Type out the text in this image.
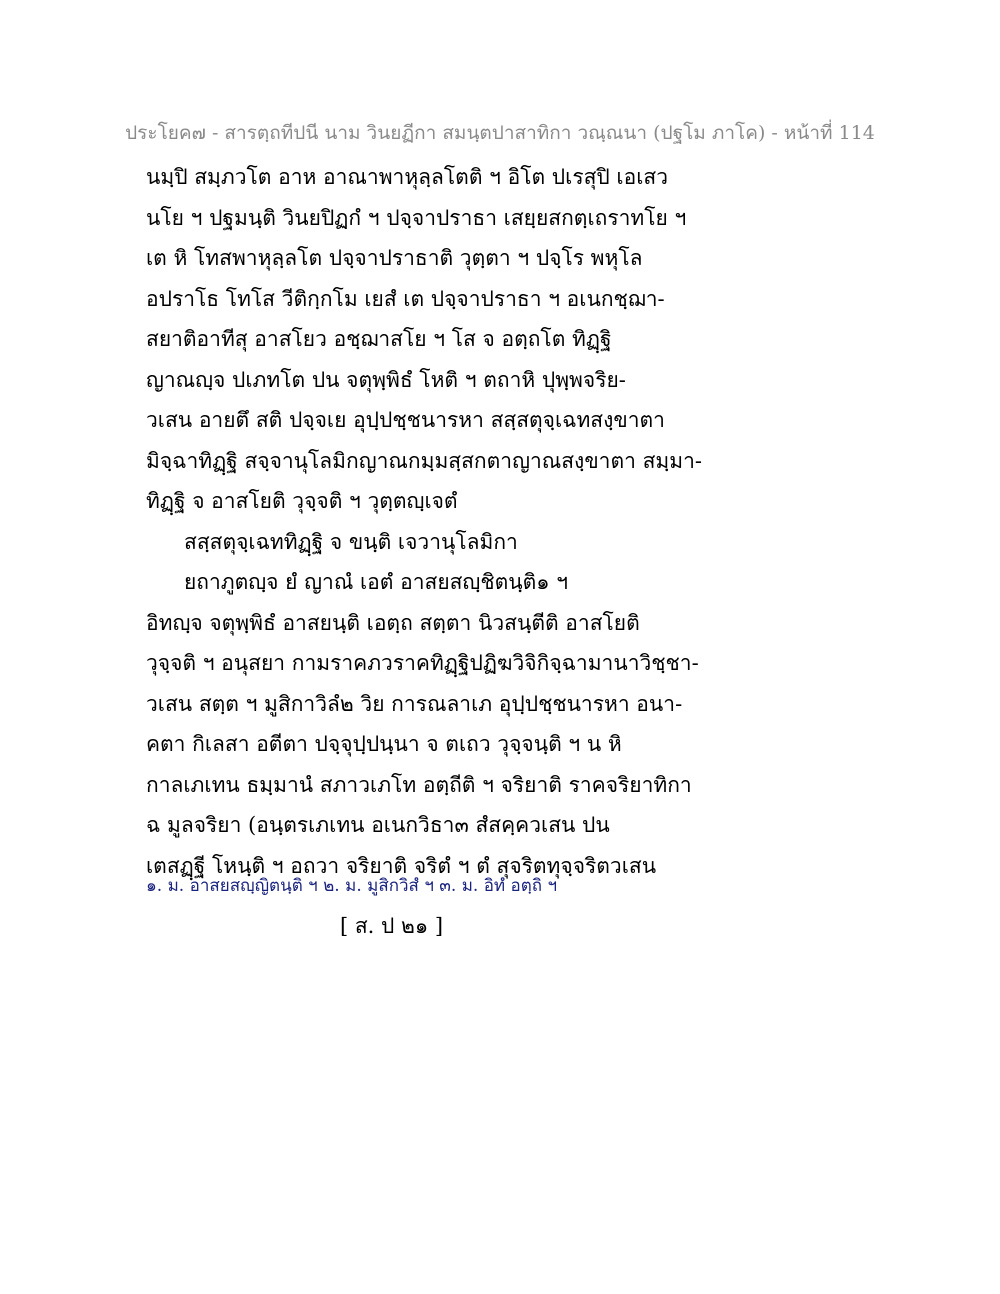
ประโยค๗ - สารตฺถทีปนี นาม วินยฏีกา สมนฺตปาสาทิกา วณฺณนา (ปฐโม ภาโค) - หน้าที่ 114
นมฺปิ สมฺภวโต อาห อาณาพาหุลฺลโตติ ฯ อิโต ปเรสุปิ เอเสว
นโย ฯ ปฐมนฺติ วินยปิฏกํ ฯ ปจฺจาปราธา เสยฺยสกตฺเถราทโย ฯ
เต หิ โทสพาหุลฺลโต ปจฺจาปราธาติ วุตฺตา ฯ ปจฺโร พหุโล
อปราโธ โทโส วีติกฺกโม เยสํ เต ปจฺจาปราธา ฯ อเนกชฺฌา-
สยาติอาทีสุ อาสโยว อชฺฌาสโย ฯ โส จ อตฺถโต ทิฏฺฐิ
ญาณญฺจ ปเภทโต ปน จตุพฺพิธํ โหติ ฯ ตถาหิ ปุพฺพจริย-
วเสน อายตึ สติ ปจฺจเย อุปฺปชฺชนารหา สสฺสตุจฺเฉทสงฺขาตา
มิจฺฉาทิฏฺฐิ สจฺจานุโลมิกญาณกมฺมสฺสกตาญาณสงฺขาตา สมฺมา-
ทิฏฺฐิ จ อาสโยติ วุจฺจติ ฯ วุตฺตญฺเจตํ
สสฺสตุจฺเฉททิฏฺฐิ จ ขนฺติ เจวานุโลมิกา
ยถาภูตญฺจ ยํ ญาณํ เอตํ อาสยสญฺชิตนฺติ๑ ฯ
อิทญฺจ จตุพฺพิธํ อาสยนฺติ เอตฺถ สตฺตา นิวสนฺตีติ อาสโยติ
วุจฺจติ ฯ อนุสยา กามราคภวราคทิฏฺฐิปฏิฆวิจิกิจฺฉามานาวิชฺชา-
วเสน สตฺต ฯ มูสิกาวิลํ๒ วิย การณลาเภ อุปฺปชฺชนารหา อนา-
คตา กิเลสา อตีตา ปจฺจุปฺปนฺนา จ ตเถว วุจฺจนฺติ ฯ น หิ
กาลเภเทน ธมฺมานํ สภาวเภโท อตฺถีติ ฯ จริยาติ ราคจริยาทิกา
ฉ มูลจริยา (อนฺตรเภเทน อเนกวิธา๓ สํสคฺควเสน ปน
เตสฏฺฐี โหนฺติ ฯ อถวา จริยาติ จริตํ ฯ ตํ สุจริตทุจฺจริตวเสน
๑. ม. อาสยสญฺญิตนฺติ ฯ ๒. ม. มูสิกวิสํ ฯ ๓. ม. อิทํ อตฺถิ ฯ
[ ส. ป ๒๑ ]
